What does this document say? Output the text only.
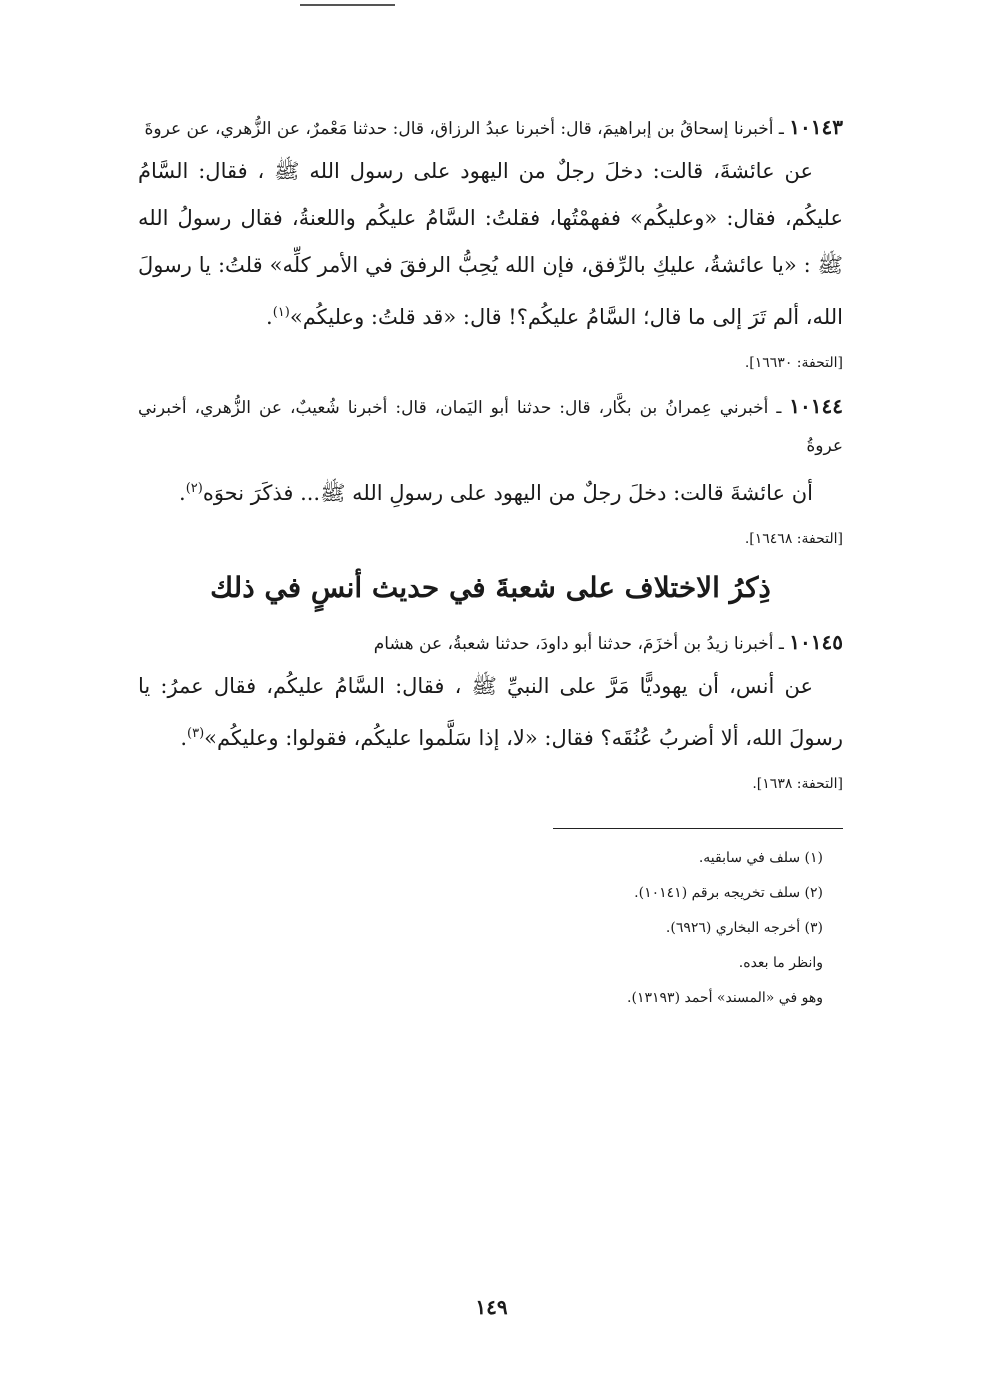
١٠١٤٣ ـ أخبرنا إسحاقُ بن إبراهيمَ، قال: أخبرنا عبدُ الرزاق، قال: حدثنا مَعْمرٌ، عن الزُّهري، عن عروةَ

عن عائشةَ، قالت: دخلَ رجلٌ من اليهود على رسول الله ﷺ ، فقال: السَّامُ عليكُم، فقال: «وعليكُم» ففهمْتُها، فقلتُ: السَّامُ عليكُم واللعنةُ، فقال رسولُ الله ﷺ : «يا عائشةُ، عليكِ بالرِّفق، فإن الله يُحِبُّ الرفقَ في الأمر كلِّه» قلتُ: يا رسولَ الله، ألم تَرَ إلى ما قال؛ السَّامُ عليكُم؟! قال: «قد قلتُ: وعليكُم»$^{(١)}$.

[التحفة: ١٦٦٣٠].

١٠١٤٤ ـ أخبرني عِمرانُ بن بكَّار، قال: حدثنا أبو اليَمان، قال: أخبرنا شُعيبٌ، عن الزُّهري، أخبرني عروةُ

أن عائشةَ قالت: دخلَ رجلٌ من اليهود على رسولِ الله ﷺ... فذكَرَ نحوَه$^{(٢)}$.

[التحفة: ١٦٤٦٨].
ذِكرُ الاختلاف على شعبةَ في حديث أنسٍ في ذلك

١٠١٤٥ ـ أخبرنا زيدُ بن أخزَمَ، حدثنا أبو داودَ، حدثنا شعبةُ، عن هشام

عن أنس، أن يهوديًّا مَرَّ على النبيِّ ﷺ ، فقال: السَّامُ عليكُم، فقال عمرُ: يا رسولَ الله، ألا أضربُ عُنُقَه؟ فقال: «لا، إذا سَلَّموا عليكُم، فقولوا: وعليكُم»$^{(٣)}$.

[التحفة: ١٦٣٨].

(١) سلف في سابقيه.

(٢) سلف تخريجه برقم (١٠١٤١).

(٣) أخرجه البخاري (٦٩٢٦).

وانظر ما بعده.

وهو في «المسند» أحمد (١٣١٩٣).

١٤٩
